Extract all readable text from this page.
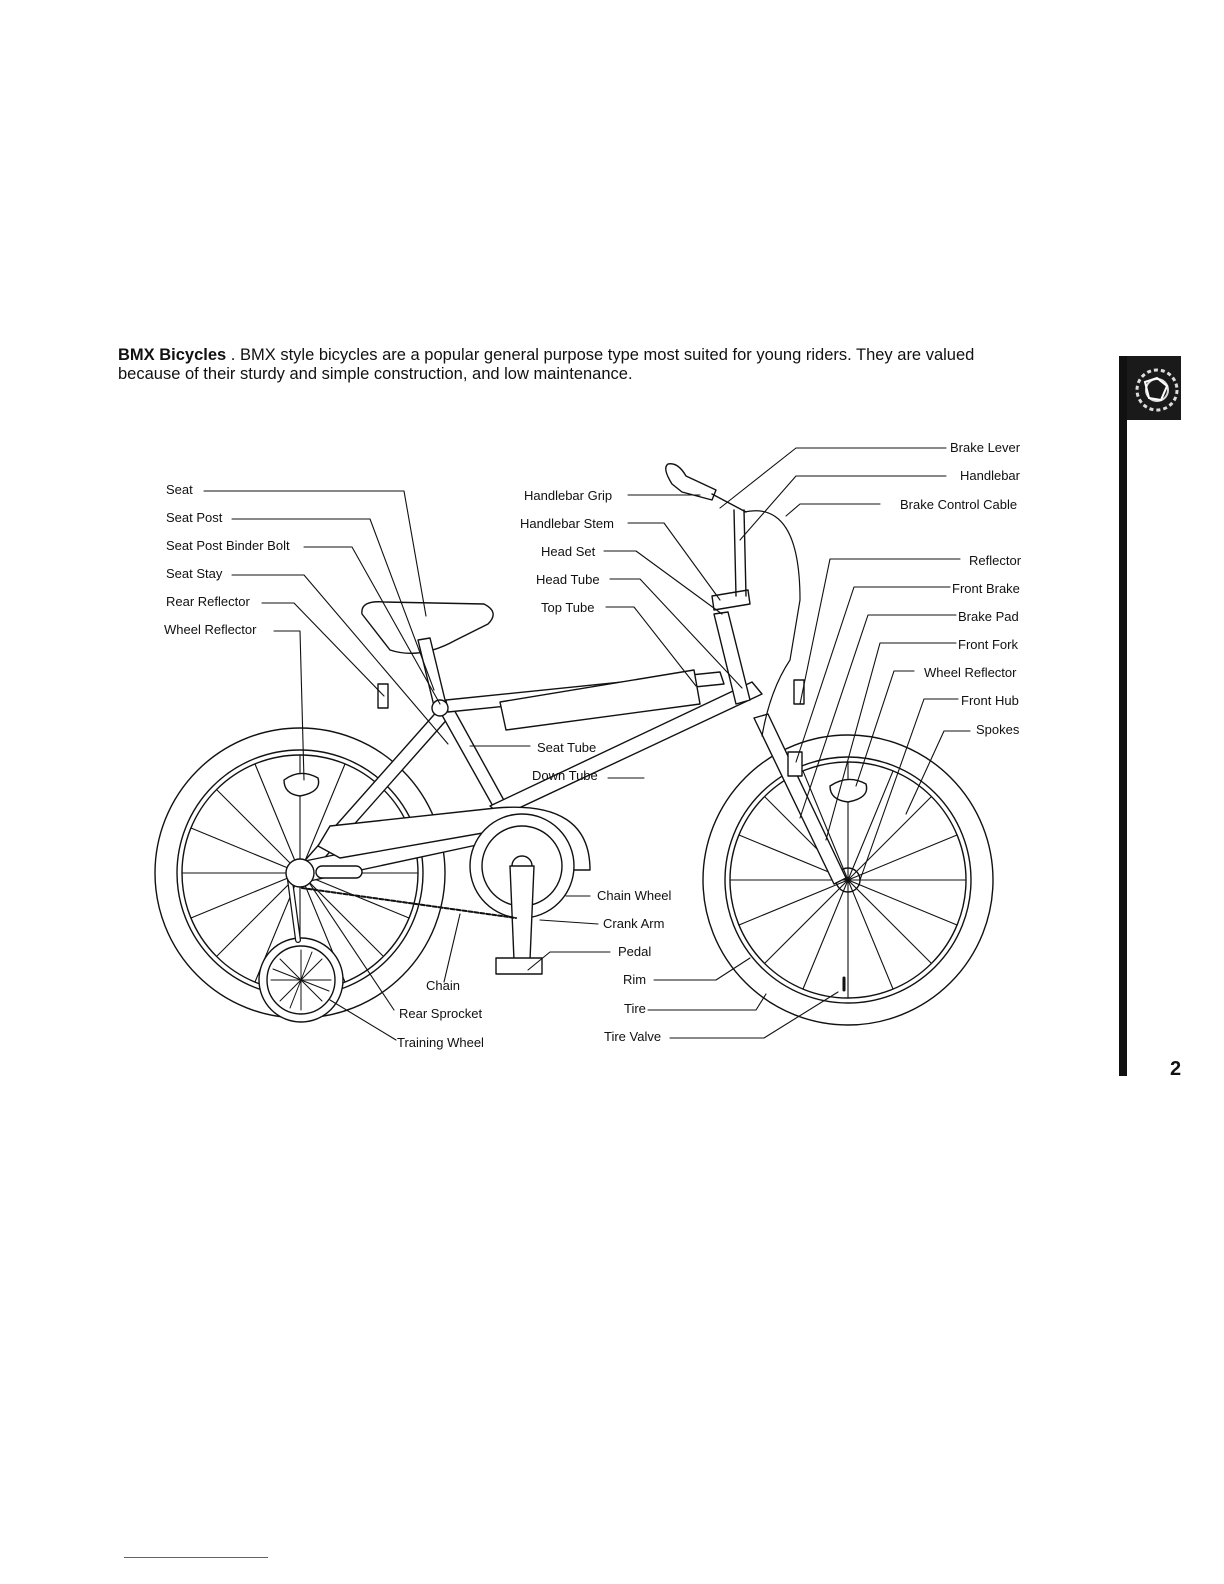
BMX Bicycles . BMX style bicycles are a popular general purpose type most suited for young riders. They are valued because of their sturdy and simple construction, and low maintenance.
Seat
Seat Post
Seat Post Binder Bolt
Seat Stay
Rear Reflector
Wheel Reflector
Handlebar Grip
Handlebar Stem
Head Set
Head Tube
Top Tube
Seat Tube
Down Tube
Brake Lever
Handlebar
Brake Control Cable
Reflector
Front Brake
Brake Pad
Front Fork
Wheel Reflector
Front Hub
Spokes
Chain Wheel
Crank Arm
Pedal
Rim
Tire
Tire Valve
Chain
Rear Sprocket
Training Wheel
2
